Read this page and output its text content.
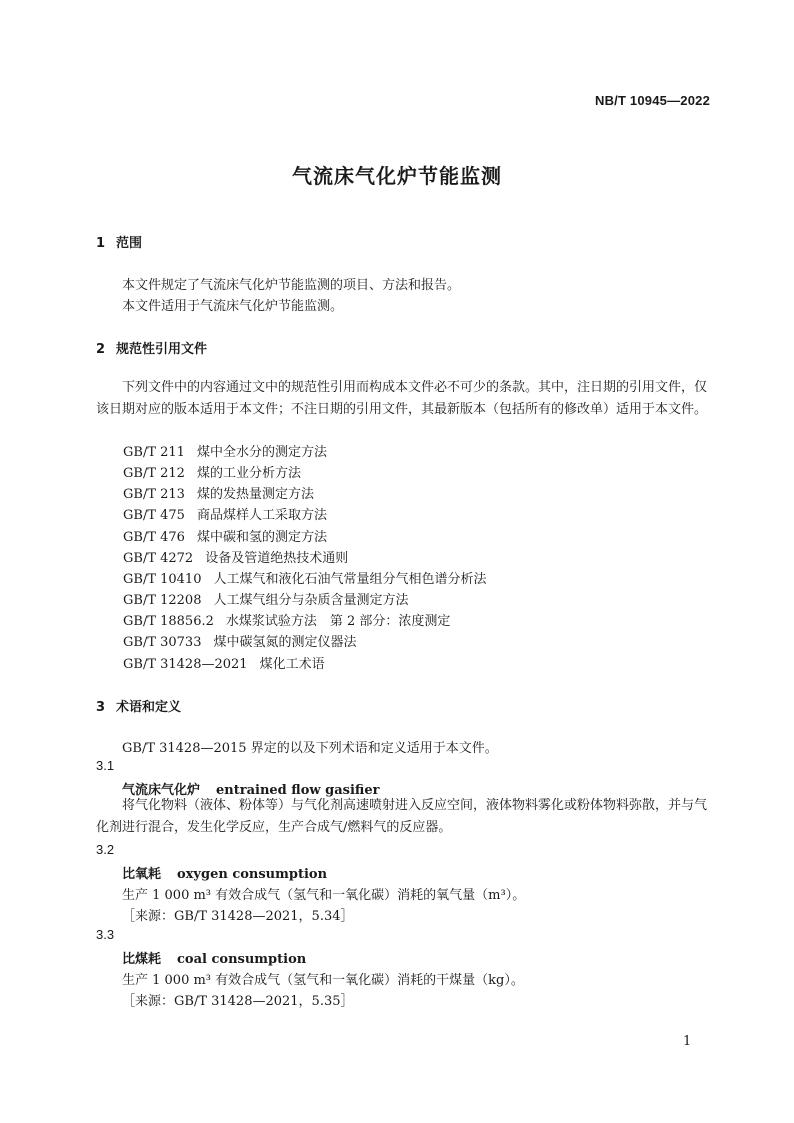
NB/T 10945—2022
气流床气化炉节能监测
1 范围
本文件规定了气流床气化炉节能监测的项目、方法和报告。
本文件适用于气流床气化炉节能监测。
2 规范性引用文件
下列文件中的内容通过文中的规范性引用而构成本文件必不可少的条款。其中，注日期的引用文件，仅该日期对应的版本适用于本文件；不注日期的引用文件，其最新版本（包括所有的修改单）适用于本文件。
GB/T 211 煤中全水分的测定方法
GB/T 212 煤的工业分析方法
GB/T 213 煤的发热量测定方法
GB/T 475 商品煤样人工采取方法
GB/T 476 煤中碳和氢的测定方法
GB/T 4272 设备及管道绝热技术通则
GB/T 10410 人工煤气和液化石油气常量组分气相色谱分析法
GB/T 12208 人工煤气组分与杂质含量测定方法
GB/T 18856.2 水煤浆试验方法　第 2 部分：浓度测定
GB/T 30733 煤中碳氢氮的测定仪器法
GB/T 31428—2021 煤化工术语
3 术语和定义
GB/T 31428—2015 界定的以及下列术语和定义适用于本文件。
3.1
气流床气化炉 entrained flow gasifier
将气化物料（液体、粉体等）与气化剂高速喷射进入反应空间，液体物料雾化或粉体物料弥散，并与气化剂进行混合，发生化学反应，生产合成气/燃料气的反应器。
3.2
比氧耗 oxygen consumption
生产 1 000 m³ 有效合成气（氢气和一氧化碳）消耗的氧气量（m³）。
［来源：GB/T 31428—2021，5.34］
3.3
比煤耗 coal consumption
生产 1 000 m³ 有效合成气（氢气和一氧化碳）消耗的干煤量（kg）。
［来源：GB/T 31428—2021，5.35］
1
